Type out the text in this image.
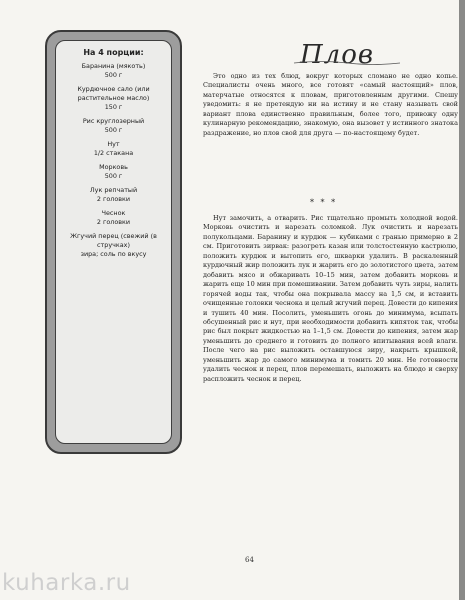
На 4 порции:
Баранина (мякоть)
500 г
Курдючное сало (или растительное масло)
150 г
Рис круглозерный
500 г
Нут
1/2 стакана
Морковь
500 г
Лук репчатый
2 головки
Чеснок
2 головки
Жгучий перец (свежий (в стручках)
зира; соль по вкусу
Плов
Это одно из тех блюд, вокруг которых сломано не одно копье. Специалисты очень много, все готовят «самый настоящий» плов, матерчатые относятся к пловам, приготовленным другими. Спешу уведомить: я не претендую ни на истину и не стану называть свой вариант плова единственно правильным, более того, привожу одну кулинарную рекомендацию, знакомую, она вызовет у истинного знатока раздражение, но плов свой для друга — по-настоящему будет.
* * *
Нут замочить, а отварить. Рис тщательно промыть холодной водой. Морковь очистить и нарезать соломкой. Лук очистить и нарезать полукольцами. Баранину и курдюк — кубиками с гранью примерно в 2 см. Приготовить зирвак: разогреть казан или толстостенную кастрюлю, положить курдюк и вытопить его, шкварки удалить. В раскаленный курдючный жир положить лук и жарить его до золотистого цвета, затем добавить мясо и обжаривать 10–15 мин, затем добавить морковь и жарить еще 10 мин при помешивании. Затем добавить чуть зиры, налить горячей воды так, чтобы она покрывала массу на 1,5 см, и вставить очищенные головки чеснока и целый жгучий перец. Довести до кипения и тушить 40 мин. Посолить, уменьшить огонь до минимума, всыпать обсушенный рис и нут, при необходимости добавить кипяток так, чтобы рис был покрыт жидкостью на 1–1,5 см. Довести до кипения, затем жар уменьшить до среднего и готовить до полного впитывания всей влаги. После чего на рис выложить оставшуюся зиру, накрыть крышкой, уменьшить жар до самого минимума и томить 20 мин. Не готовности удалить чеснок и перец, плов перемешать, выложить на блюдо и сверху распложить чеснок и перец.
64
kuharka.ru
